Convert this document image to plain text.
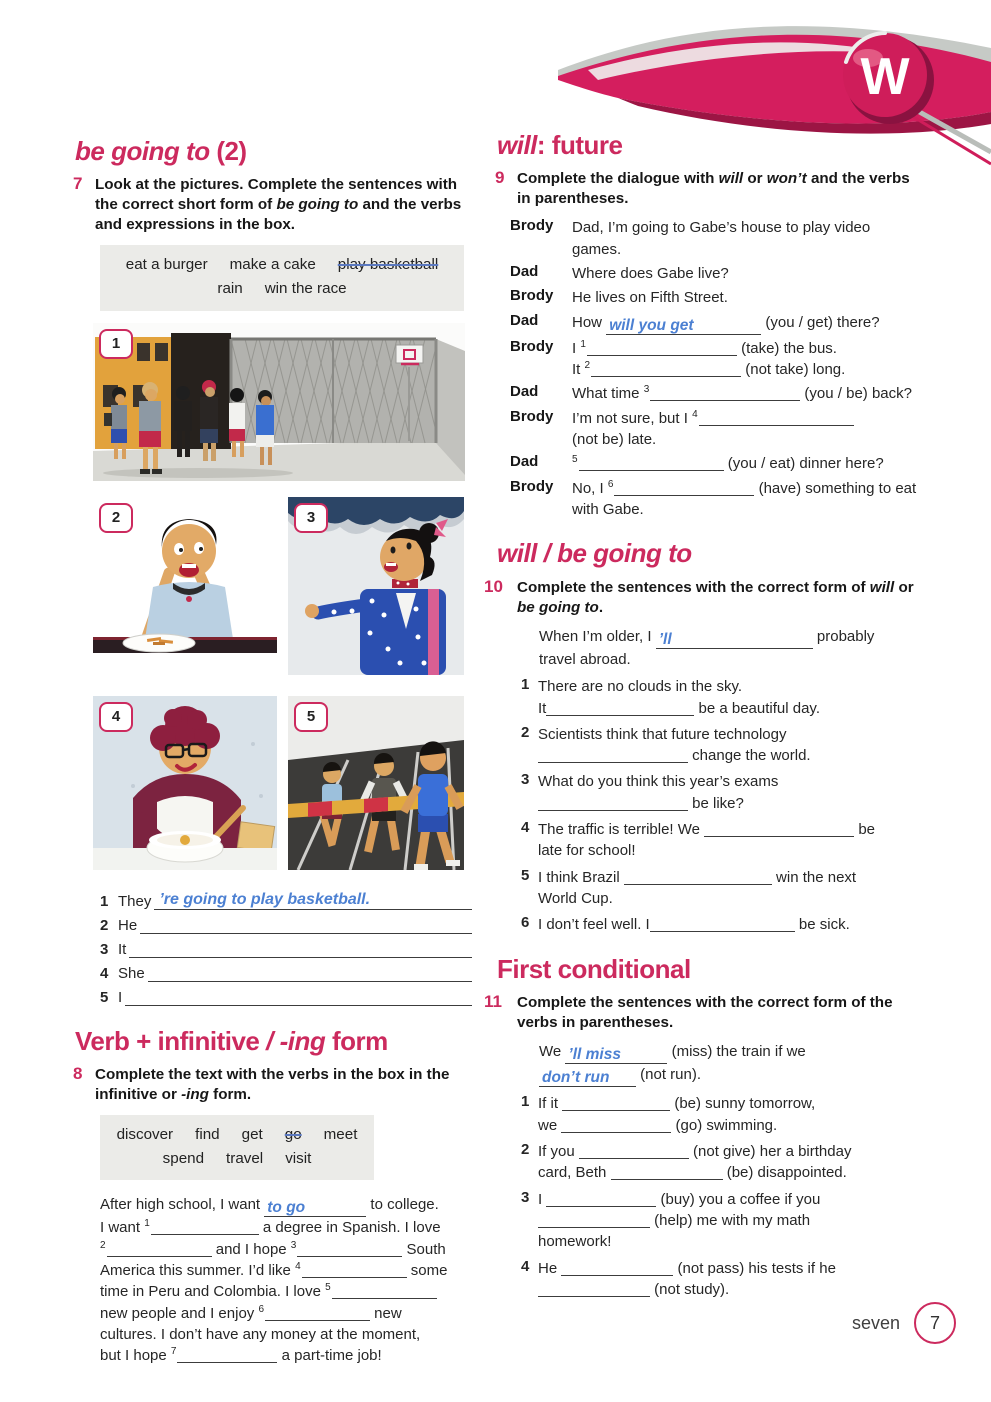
W
be going to (2)
7 Look at the pictures. Complete the sentences with the correct short form of be going to and the verbs and expressions in the box.
eat a burger make a cake play basketball
rain win the race
1
2	3
4	5
1 They ’re going to play basketball.
2 He
3 It
4 She
5 I
Verb + infinitive / -ing form
8 Complete the text with the verbs in the box in the infinitive or -ing form.
discover find get go meet
spend travel visit
After high school, I want to go	to college.
I want $^1$	a degree in Spanish. I love
$^2$	and I hope $^3$	South
America this summer. I’d like $^4$	some
time in Peru and Colombia. I love $^5$
new people and I enjoy $^6$	new
cultures. I don’t have any money at the moment,
but I hope $^7$	a part-time job!
will: future
9 Complete the dialogue with will or won’t and the verbs in parentheses.
Brody	Dad, I’m going to Gabe’s house to play video games.
Dad	Where does Gabe live?
Brody	He lives on Fifth Street.
Dad	How will you get	(you / get) there?
Brody	I $^1$	(take) the bus.
It $^2$	(not take) long.
Dad	What time $^3$	(you / be) back?
Brody	I’m not sure, but I $^4$
(not be) late.
Dad	$^5$	(you / eat) dinner here?
Brody	No, I $^6$	(have) something to eat with Gabe.
will / be going to
10 Complete the sentences with the correct form of will or be going to.
When I’m older, I ’ll	probably
travel abroad.
1 There are no clouds in the sky.
It	be a beautiful day.
2 Scientists think that future technology
change the world.
3 What do you think this year’s exams
be like?
4 The traffic is terrible! We	be
late for school!
5 I think Brazil	win the next
World Cup.
6 I don’t feel well. I	be sick.
First conditional
11 Complete the sentences with the correct form of the verbs in parentheses.
We ’ll miss	(miss) the train if we
don’t run (not run).
1 If it	(be) sunny tomorrow,
we	(go) swimming.
2 If you	(not give) her a birthday
card, Beth	(be) disappointed.
3 I	(buy) you a coffee if you
(help) me with my math
homework!
4 He	(not pass) his tests if he
(not study).
seven 7
